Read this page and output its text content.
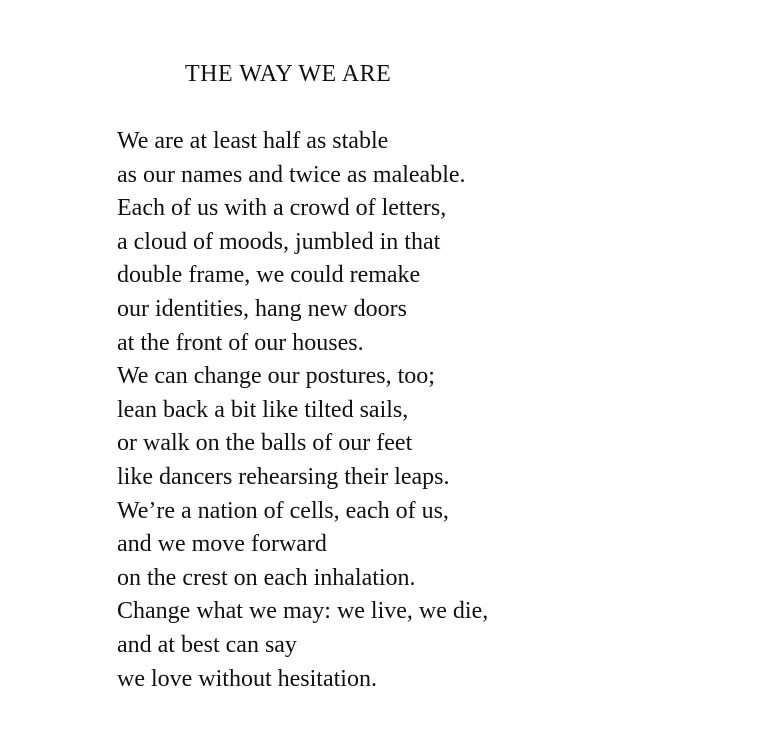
THE WAY WE ARE
We are at least half as stable
as our names and twice as maleable.
Each of us with a crowd of letters,
a cloud of moods, jumbled in that
double frame, we could remake
our identities, hang new doors
at the front of our houses.
We can change our postures, too;
lean back a bit like tilted sails,
or walk on the balls of our feet
like dancers rehearsing their leaps.
We’re a nation of cells, each of us,
and we move forward
on the crest on each inhalation.
Change what we may: we live, we die,
and at best can say
we love without hesitation.
